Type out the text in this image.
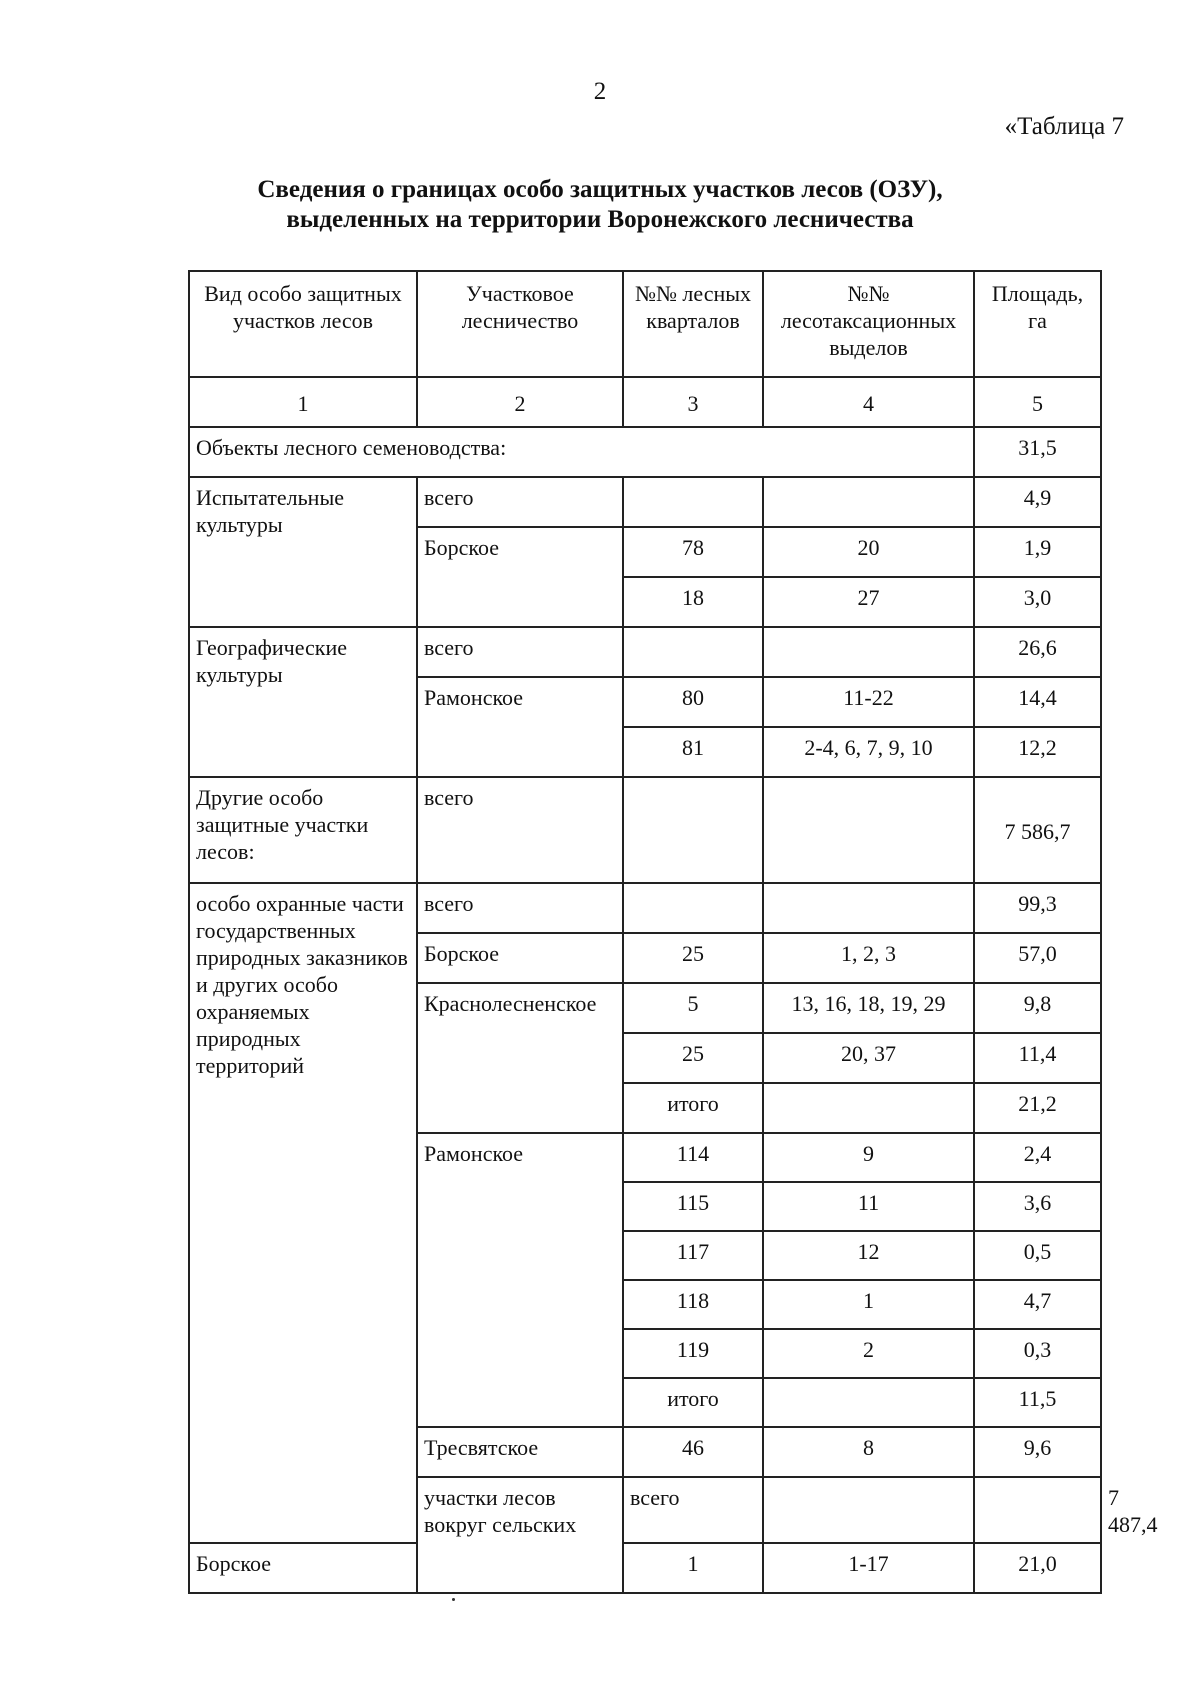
2
«Таблица 7
Сведения о границах особо защитных участков лесов (ОЗУ),
выделенных на территории Воронежского лесничества
Вид особо защитных участков лесов	Участковое лесничество	№№ лесных кварталов	№№ лесотаксационных выделов	Площадь, га	
1	2	3	4	5	
Объекты лесного семеноводства:				31,5	
Испытательные культуры	всего			4,9	
	Борское	78	20	1,9	
		18	27	3,0	
Географические культуры	всего			26,6	
	Рамонское	80	11-22	14,4	
		81	2-4, 6, 7, 9, 10	12,2	
Другие особо защитные участки лесов:	всего			7 586,7	
особо охранные части государственных природных заказников и других особо охраняемых природных территорий	всего			99,3	
	Борское	25	1, 2, 3	57,0	
	Краснолесненское	5	13, 16, 18, 19, 29	9,8	
		25	20, 37	11,4	
		итого		21,2	
	Рамонское	114	9	2,4	
		115	11	3,6	
		117	12	0,5	
		118	1	4,7	
		119	2	0,3	
		итого		11,5	
	Тресвятское	46	8	9,6	
	участки лесов вокруг сельских	всего			7 487,4
Борское		1	1-17	21,0	
